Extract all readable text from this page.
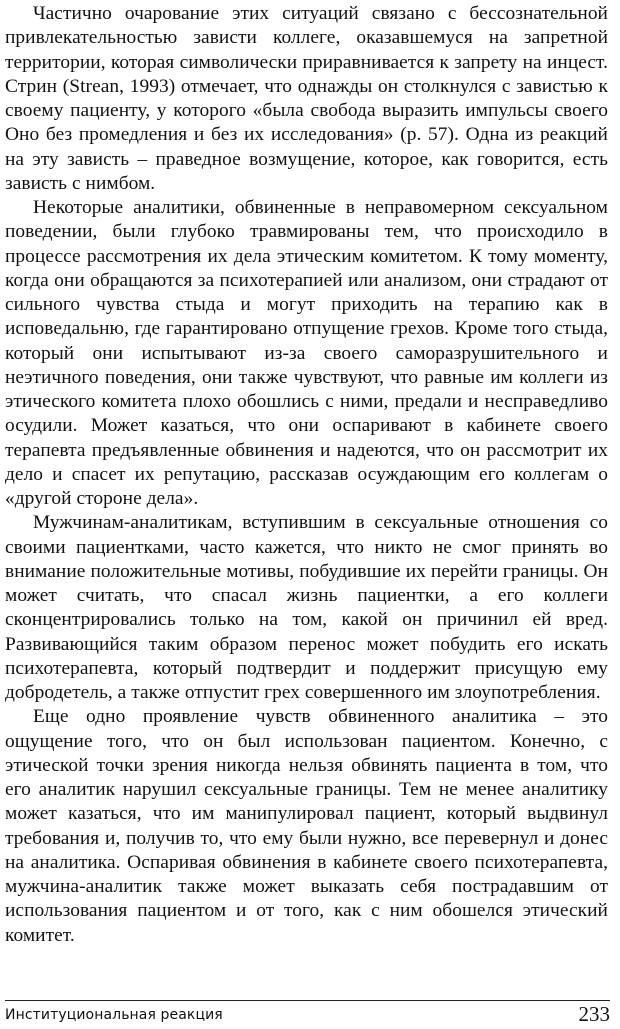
Частично очарование этих ситуаций связано с бессознательной привлекательностью зависти коллеге, оказавшемуся на запретной территории, которая символически приравнивается к запрету на инцест. Стрин (Strean, 1993) отмечает, что однажды он столкнулся с завистью к своему пациенту, у которого «была свобода выразить импульсы своего Оно без промедления и без их исследования» (р. 57). Одна из реакций на эту зависть – праведное возмущение, которое, как говорится, есть зависть с нимбом.

Некоторые аналитики, обвиненные в неправомерном сексуальном поведении, были глубоко травмированы тем, что происходило в процессе рассмотрения их дела этическим комитетом. К тому моменту, когда они обращаются за психотерапией или анализом, они страдают от сильного чувства стыда и могут приходить на терапию как в исповедальню, где гарантировано отпущение грехов. Кроме того стыда, который они испытывают из-за своего саморазрушительного и неэтичного поведения, они также чувствуют, что равные им коллеги из этического комитета плохо обошлись с ними, предали и несправедливо осудили. Может казаться, что они оспаривают в кабинете своего терапевта предъявленные обвинения и надеются, что он рассмотрит их дело и спасет их репутацию, рассказав осуждающим его коллегам о «другой стороне дела».

Мужчинам-аналитикам, вступившим в сексуальные отношения со своими пациентками, часто кажется, что никто не смог принять во внимание положительные мотивы, побудившие их перейти границы. Он может считать, что спасал жизнь пациентки, а его коллеги сконцентрировались только на том, какой он причинил ей вред. Развивающийся таким образом перенос может побудить его искать психотерапевта, который подтвердит и поддержит присущую ему добродетель, а также отпустит грех совершенного им злоупотребления.

Еще одно проявление чувств обвиненного аналитика – это ощущение того, что он был использован пациентом. Конечно, с этической точки зрения никогда нельзя обвинять пациента в том, что его аналитик нарушил сексуальные границы. Тем не менее аналитику может казаться, что им манипулировал пациент, который выдвинул требования и, получив то, что ему были нужно, все перевернул и донес на аналитика. Оспаривая обвинения в кабинете своего психотерапевта, мужчина-аналитик также может выказать себя пострадавшим от использования пациентом и от того, как с ним обошелся этический комитет.

Институциональная реакция	233
